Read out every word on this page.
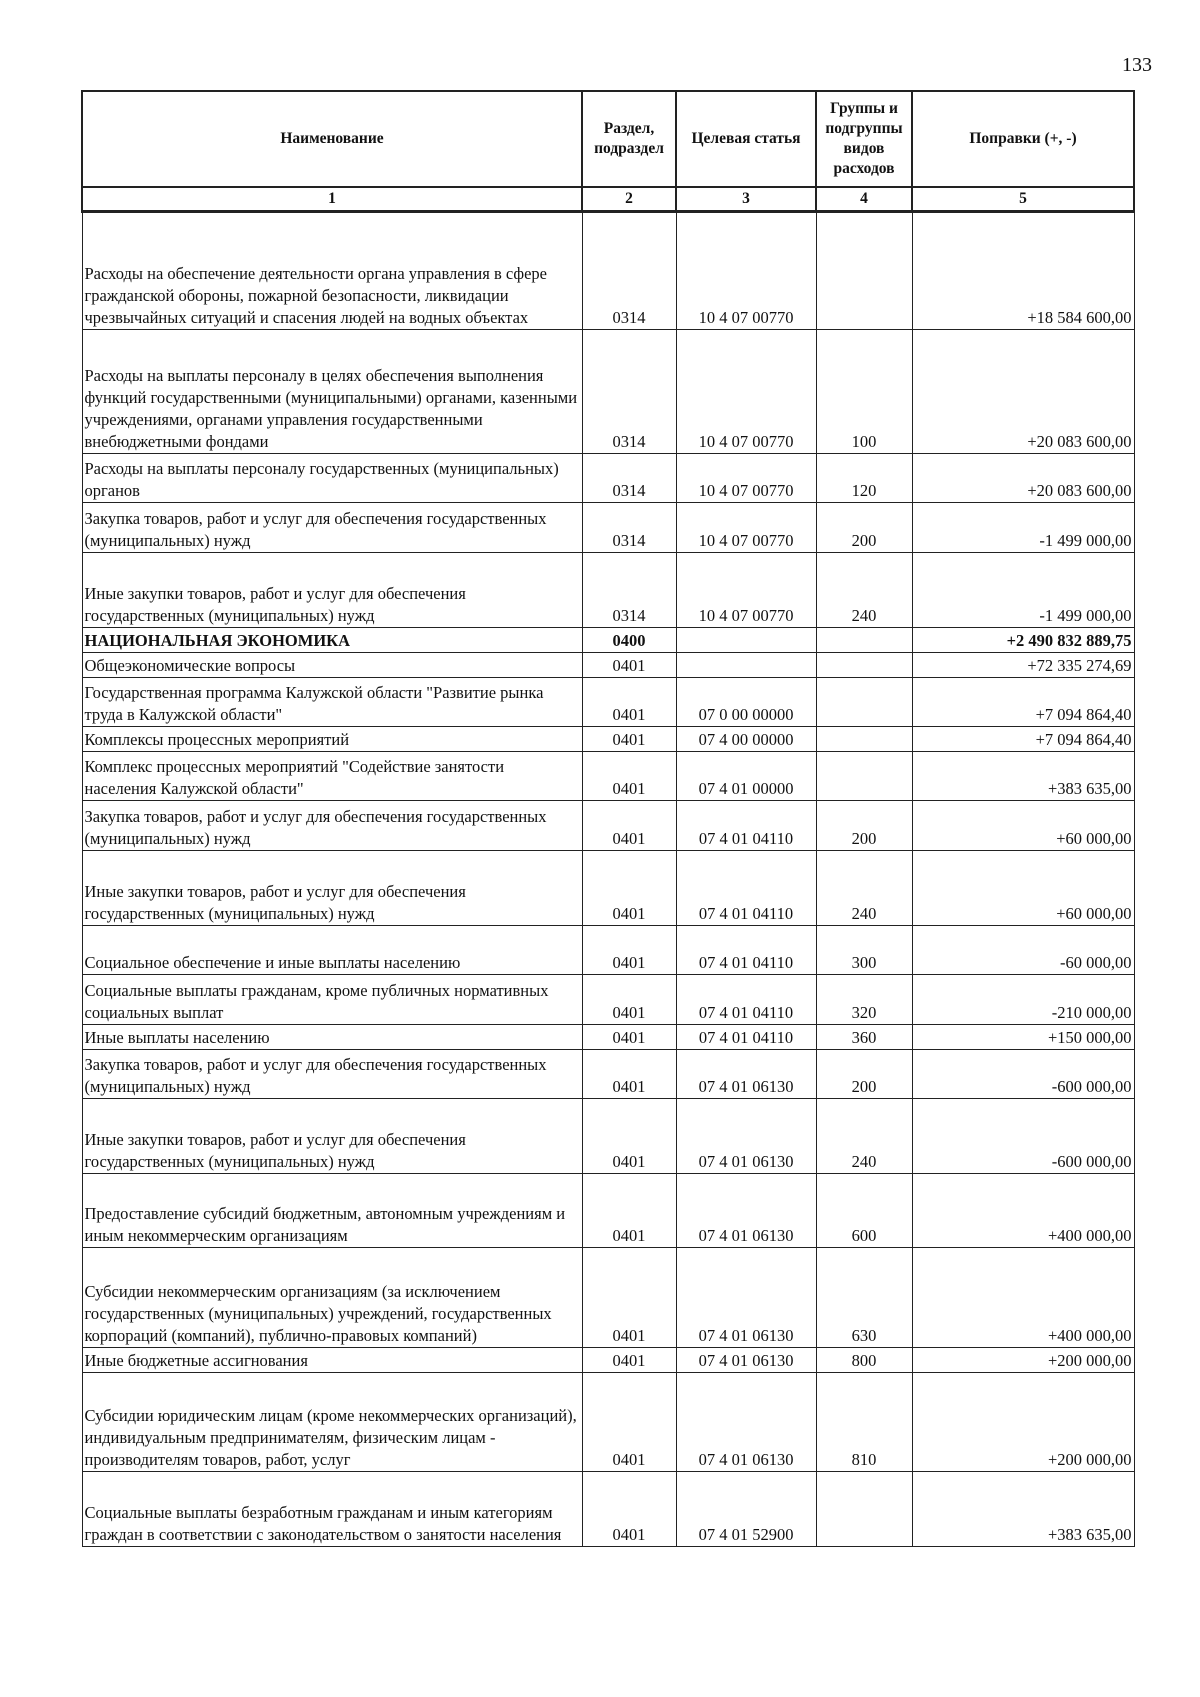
133
Наименование	Раздел, подраздел	Целевая статья	Группы и подгруппы видов расходов	Поправки (+, -)
1	2	3	4	5
Расходы на обеспечение деятельности органа управления в сфере гражданской обороны, пожарной безопасности, ликвидации чрезвычайных ситуаций и спасения людей на водных объектах	0314	10 4 07 00770		+18 584 600,00
Расходы на выплаты персоналу в целях обеспечения выполнения функций государственными (муниципальными) органами, казенными учреждениями, органами управления государственными внебюджетными фондами	0314	10 4 07 00770	100	+20 083 600,00
Расходы на выплаты персоналу государственных (муниципальных) органов	0314	10 4 07 00770	120	+20 083 600,00
Закупка товаров, работ и услуг для обеспечения государственных (муниципальных) нужд	0314	10 4 07 00770	200	-1 499 000,00
Иные закупки товаров, работ и услуг для обеспечения государственных (муниципальных) нужд	0314	10 4 07 00770	240	-1 499 000,00
НАЦИОНАЛЬНАЯ ЭКОНОМИКА	0400			+2 490 832 889,75
Общеэкономические вопросы	0401			+72 335 274,69
Государственная программа Калужской области "Развитие рынка труда в Калужской области"	0401	07 0 00 00000		+7 094 864,40
Комплексы процессных мероприятий	0401	07 4 00 00000		+7 094 864,40
Комплекс процессных мероприятий "Содействие занятости населения Калужской области"	0401	07 4 01 00000		+383 635,00
Закупка товаров, работ и услуг для обеспечения государственных (муниципальных) нужд	0401	07 4 01 04110	200	+60 000,00
Иные закупки товаров, работ и услуг для обеспечения государственных (муниципальных) нужд	0401	07 4 01 04110	240	+60 000,00
Социальное обеспечение и иные выплаты населению	0401	07 4 01 04110	300	-60 000,00
Социальные выплаты гражданам, кроме публичных нормативных социальных выплат	0401	07 4 01 04110	320	-210 000,00
Иные выплаты населению	0401	07 4 01 04110	360	+150 000,00
Закупка товаров, работ и услуг для обеспечения государственных (муниципальных) нужд	0401	07 4 01 06130	200	-600 000,00
Иные закупки товаров, работ и услуг для обеспечения государственных (муниципальных) нужд	0401	07 4 01 06130	240	-600 000,00
Предоставление субсидий бюджетным, автономным учреждениям и иным некоммерческим организациям	0401	07 4 01 06130	600	+400 000,00
Субсидии некоммерческим организациям (за исключением государственных (муниципальных) учреждений, государственных корпораций (компаний), публично-правовых компаний)	0401	07 4 01 06130	630	+400 000,00
Иные бюджетные ассигнования	0401	07 4 01 06130	800	+200 000,00
Субсидии юридическим лицам (кроме некоммерческих организаций), индивидуальным предпринимателям, физическим лицам - производителям товаров, работ, услуг	0401	07 4 01 06130	810	+200 000,00
Социальные выплаты безработным гражданам и иным категориям граждан в соответствии с законодательством о занятости населения	0401	07 4 01 52900		+383 635,00
